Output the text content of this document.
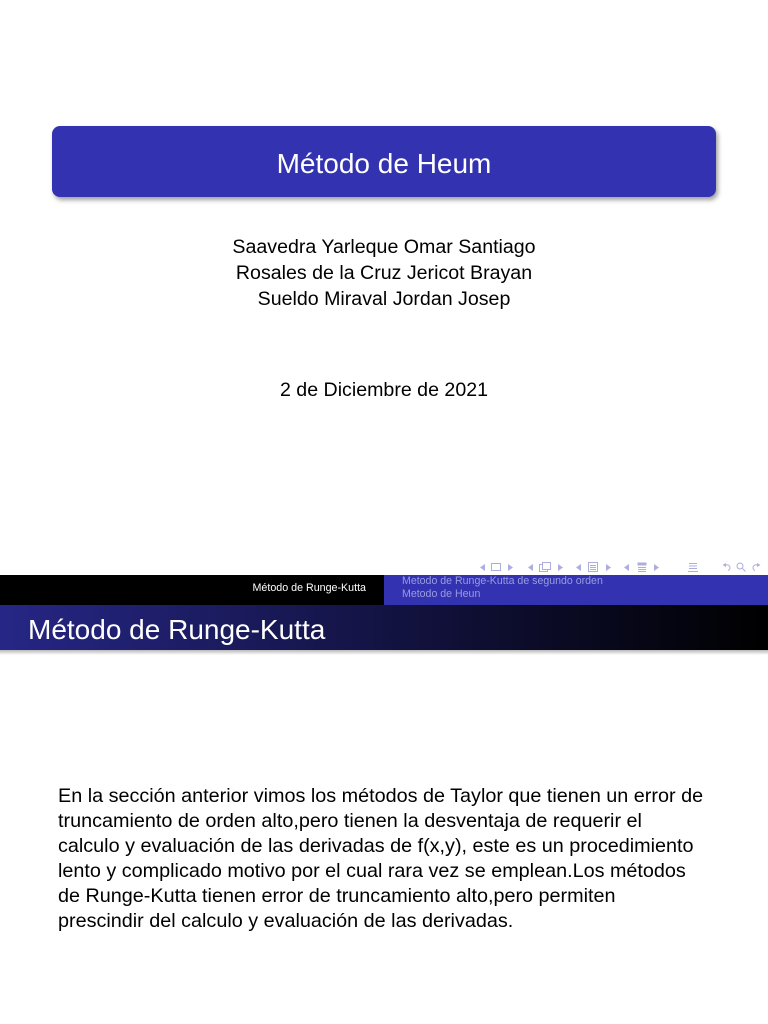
Método de Heum
Saavedra Yarleque Omar Santiago
Rosales de la Cruz Jericot Brayan
Sueldo Miraval Jordan Josep
2 de Diciembre de 2021
Método de Runge-Kutta
Metodo de Runge-Kutta de segundo orden
Metodo de Heun
Método de Runge-Kutta
En la sección anterior vimos los métodos de Taylor que tienen un error de
truncamiento de orden alto,pero tienen la desventaja de requerir el
calculo y evaluación de las derivadas de f(x,y), este es un procedimiento
lento y complicado motivo por el cual rara vez se emplean.Los métodos
de Runge-Kutta tienen error de truncamiento alto,pero permiten
prescindir del calculo y evaluación de las derivadas.
